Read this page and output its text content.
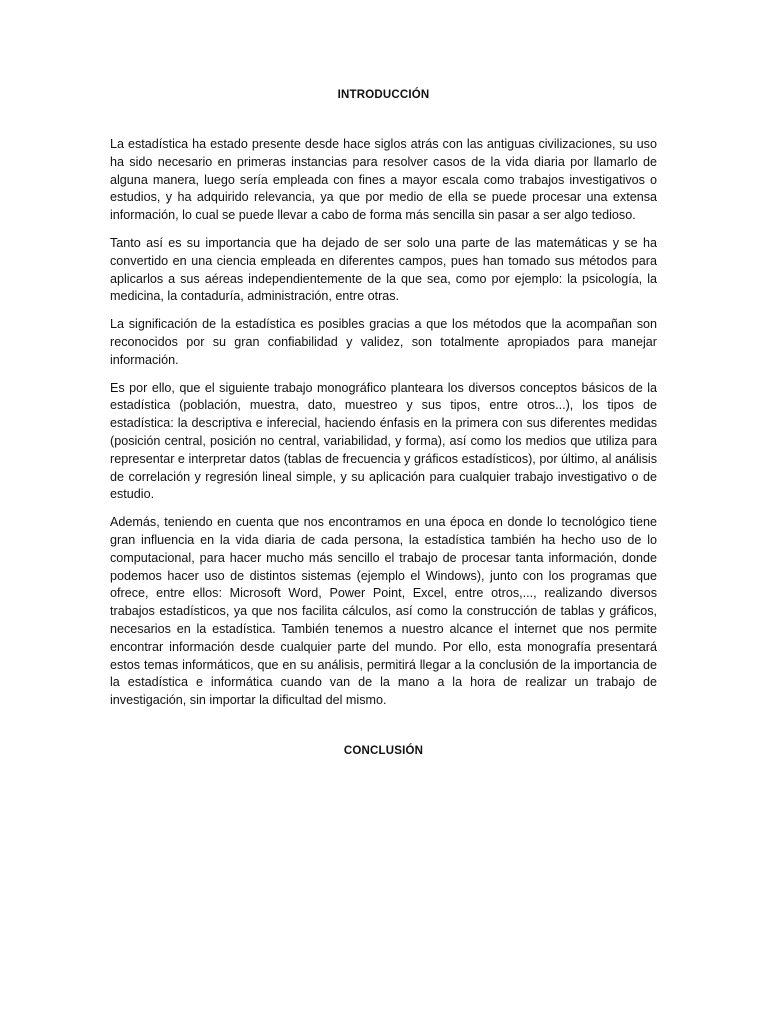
INTRODUCCIÓN

La estadística ha estado presente desde hace siglos atrás con las antiguas civilizaciones, su uso ha sido necesario en primeras instancias para resolver casos de la vida diaria por llamarlo de alguna manera, luego sería empleada con fines a mayor escala como trabajos investigativos o estudios, y ha adquirido relevancia, ya que por medio de ella se puede procesar una extensa información, lo cual se puede llevar a cabo de forma más sencilla sin pasar a ser algo tedioso.

Tanto así es su importancia que ha dejado de ser solo una parte de las matemáticas y se ha convertido en una ciencia empleada en diferentes campos, pues han tomado sus métodos para aplicarlos a sus aéreas independientemente de la que sea, como por ejemplo: la psicología, la medicina, la contaduría, administración, entre otras.

La significación de la estadística es posibles gracias a que los métodos que la acompañan son reconocidos por su gran confiabilidad y validez, son totalmente apropiados para manejar información.

Es por ello, que el siguiente trabajo monográfico planteara los diversos conceptos básicos de la estadística (población, muestra, dato, muestreo y sus tipos, entre otros...), los tipos de estadística: la descriptiva e inferecial, haciendo énfasis en la primera con sus diferentes medidas (posición central, posición no central, variabilidad, y forma), así como los medios que utiliza para representar e interpretar datos (tablas de frecuencia y gráficos estadísticos), por último, al análisis de correlación y regresión lineal simple, y su aplicación para cualquier trabajo investigativo o de estudio.

Además, teniendo en cuenta que nos encontramos en una época en donde lo tecnológico tiene gran influencia en la vida diaria de cada persona, la estadística también ha hecho uso de lo computacional, para hacer mucho más sencillo el trabajo de procesar tanta información, donde podemos hacer uso de distintos sistemas (ejemplo el Windows), junto con los programas que ofrece, entre ellos: Microsoft Word, Power Point, Excel, entre otros,..., realizando diversos trabajos estadísticos, ya que nos facilita cálculos, así como la construcción de tablas y gráficos, necesarios en la estadística. También tenemos a nuestro alcance el internet que nos permite encontrar información desde cualquier parte del mundo. Por ello, esta monografía presentará estos temas informáticos, que en su análisis, permitirá llegar a la conclusión de la importancia de la estadística e informática cuando van de la mano a la hora de realizar un trabajo de investigación, sin importar la dificultad del mismo.

CONCLUSIÓN
